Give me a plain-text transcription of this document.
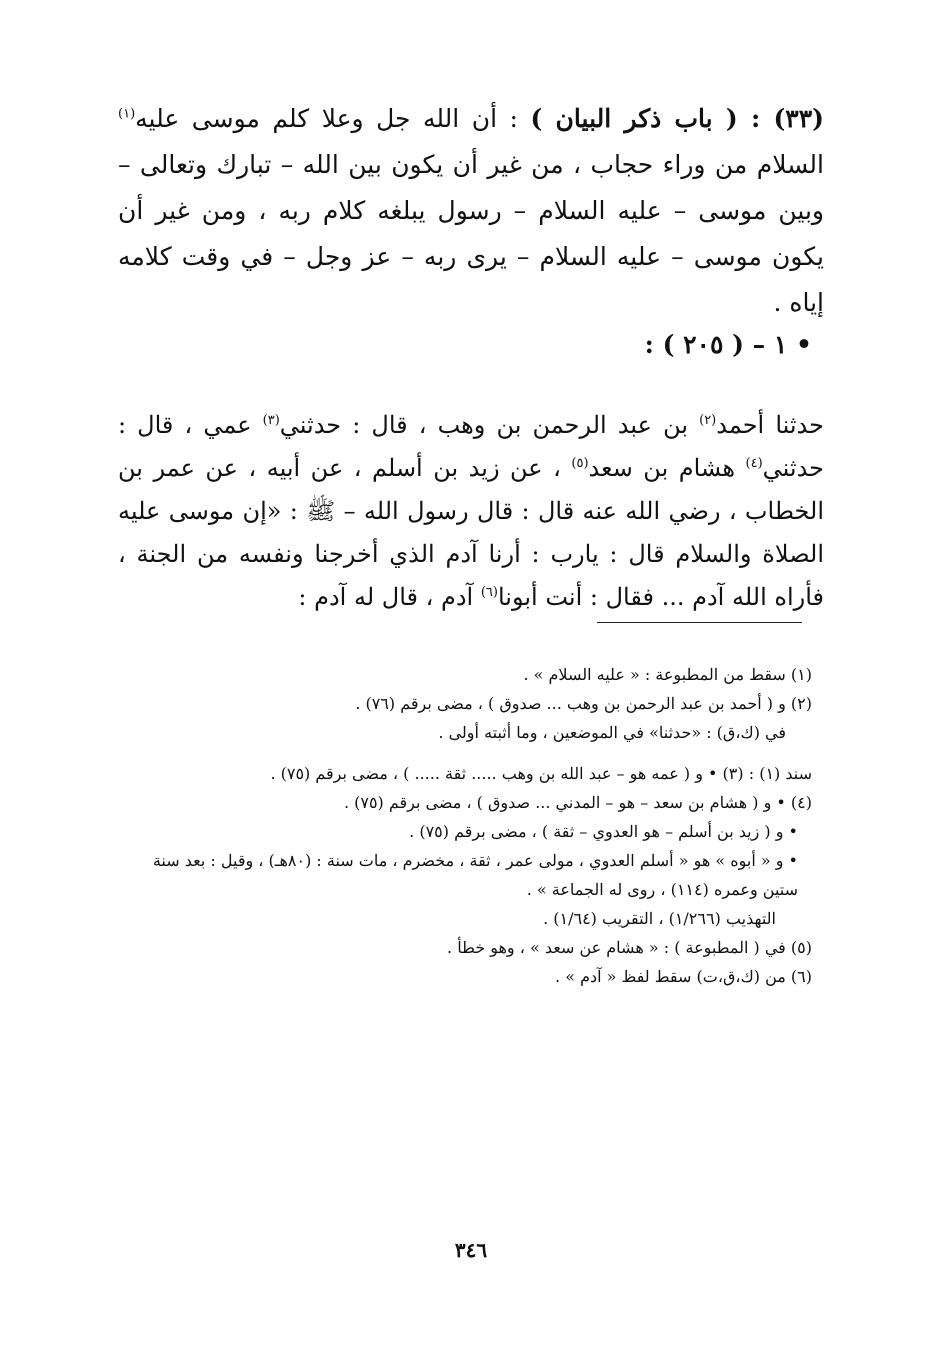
(٣٣) : ( باب ذكر البيان ) : أن الله جل وعلا كلم موسى عليه$^{(١)}$ السلام من وراء حجاب ، من غير أن يكون بين الله – تبارك وتعالى – وبين موسى – عليه السلام – رسول يبلغه كلام ربه ، ومن غير أن يكون موسى – عليه السلام – يرى ربه – عز وجل – في وقت كلامه إياه .
• ١ – ( ٢٠٥ ) :
حدثنا أحمد$^{(٢)}$ بن عبد الرحمن بن وهب ، قال : حدثني$^{(٣)}$ عمي ، قال : حدثني$^{(٤)}$ هشام بن سعد$^{(٥)}$ ، عن زيد بن أسلم ، عن أبيه ، عن عمر بن الخطاب ، رضي الله عنه قال : قال رسول الله – ﷺ : «إن موسى عليه الصلاة والسلام قال : يارب : أرنا آدم الذي أخرجنا ونفسه من الجنة ، فأراه الله آدم ... فقال : أنت أبونا$^{(٦)}$ آدم ، قال له آدم :
(١) سقط من المطبوعة : « عليه السلام » .
(٢) و ( أحمد بن عبد الرحمن بن وهب ... صدوق ) ، مضى برقم (٧٦) .
في (ك،ق) : «حدثنا» في الموضعين ، وما أثبته أولى .
سند (١) : (٣) • و ( عمه هو – عبد الله بن وهب ..... ثقة ..... ) ، مضى برقم (٧٥) .
(٤) • و ( هشام بن سعد – هو – المدني ... صدوق ) ، مضى برقم (٧٥) .
• و ( زيد بن أسلم – هو العدوي – ثقة ) ، مضى برقم (٧٥) .
• و « أبوه » هو « أسلم العدوي ، مولى عمر ، ثقة ، مخضرم ، مات سنة : (٨٠هـ) ، وقيل : بعد سنة ستين وعمره (١١٤) ، روى له الجماعة » .
التهذيب (١/٢٦٦) ، التقريب (١/٦٤) .
(٥) في ( المطبوعة ) : « هشام عن سعد » ، وهو خطأ .
(٦) من (ك،ق،ت) سقط لفظ « آدم » .
٣٤٦
